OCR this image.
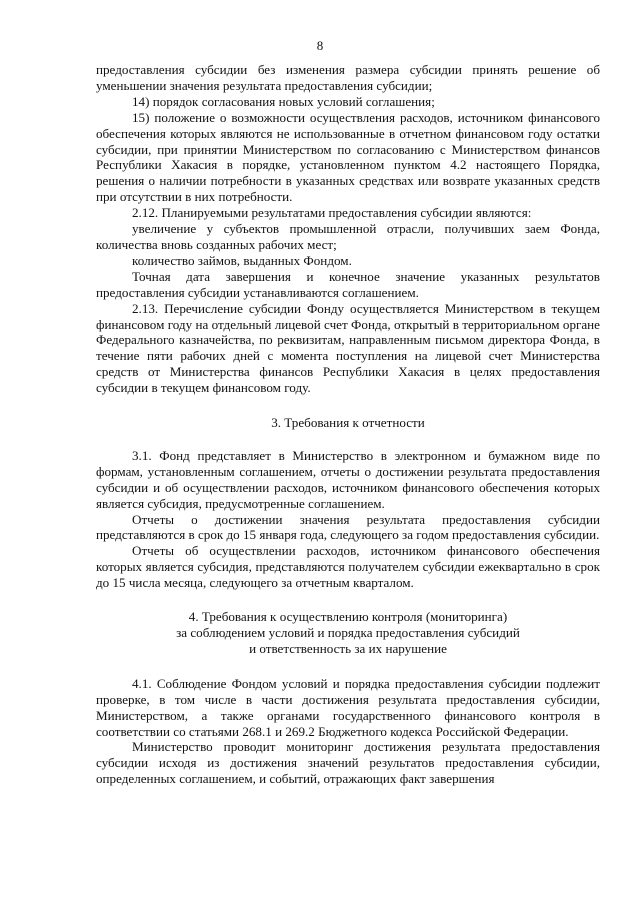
8

предоставления субсидии без изменения размера субсидии принять решение об уменьшении значения результата предоставления субсидии;

14) порядок согласования новых условий соглашения;

15) положение о возможности осуществления расходов, источником финансового обеспечения которых являются не использованные в отчетном финансовом году остатки субсидии, при принятии Министерством по согласованию с Министерством финансов Республики Хакасия в порядке, установленном пунктом 4.2 настоящего Порядка, решения о наличии потребности в указанных средствах или возврате указанных средств при отсутствии в них потребности.

2.12. Планируемыми результатами предоставления субсидии являются:

увеличение у субъектов промышленной отрасли, получивших заем Фонда, количества вновь созданных рабочих мест;

количество займов, выданных Фондом.

Точная дата завершения и конечное значение указанных результатов предоставления субсидии устанавливаются соглашением.

2.13. Перечисление субсидии Фонду осуществляется Министерством в текущем финансовом году на отдельный лицевой счет Фонда, открытый в территориальном органе Федерального казначейства, по реквизитам, направленным письмом директора Фонда, в течение пяти рабочих дней с момента поступления на лицевой счет Министерства средств от Министерства финансов Республики Хакасия в целях предоставления субсидии в текущем финансовом году.

3. Требования к отчетности

3.1. Фонд представляет в Министерство в электронном и бумажном виде по формам, установленным соглашением, отчеты о достижении результата предоставления субсидии и об осуществлении расходов, источником финансового обеспечения которых является субсидия, предусмотренные соглашением.

Отчеты о достижении значения результата предоставления субсидии представляются в срок до 15 января года, следующего за годом предоставления субсидии.

Отчеты об осуществлении расходов, источником финансового обеспечения которых является субсидия, представляются получателем субсидии ежеквартально в срок до 15 числа месяца, следующего за отчетным кварталом.

4. Требования к осуществлению контроля (мониторинга)

за соблюдением условий и порядка предоставления субсидий

и ответственность за их нарушение

4.1. Соблюдение Фондом условий и порядка предоставления субсидии подлежит проверке, в том числе в части достижения результата предоставления субсидии, Министерством, а также органами государственного финансового контроля в соответствии со статьями 268.1 и 269.2 Бюджетного кодекса Российской Федерации.

Министерство проводит мониторинг достижения результата предоставления субсидии исходя из достижения значений результатов предоставления субсидии, определенных соглашением, и событий, отражающих факт завершения
